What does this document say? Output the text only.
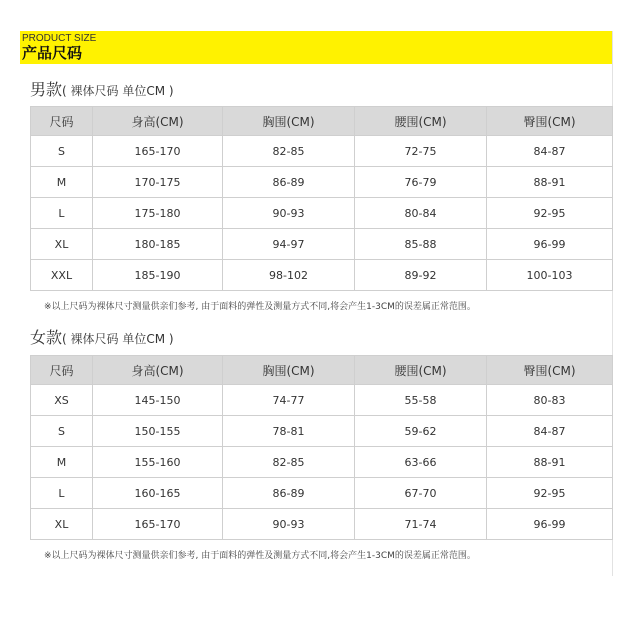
PRODUCT SIZE
产品尺码
男款( 裸体尺码 单位CM )
尺码	身高(CM)	胸围(CM)	腰围(CM)	臀围(CM)
S	165-170	82-85	72-75	84-87
M	170-175	86-89	76-79	88-91
L	175-180	90-93	80-84	92-95
XL	180-185	94-97	85-88	96-99
XXL	185-190	98-102	89-92	100-103
※以上尺码为裸体尺寸测量供亲们参考, 由于面料的弹性及测量方式不同,将会产生1-3CM的误差属正常范围。
女款( 裸体尺码 单位CM )
尺码	身高(CM)	胸围(CM)	腰围(CM)	臀围(CM)
XS	145-150	74-77	55-58	80-83
S	150-155	78-81	59-62	84-87
M	155-160	82-85	63-66	88-91
L	160-165	86-89	67-70	92-95
XL	165-170	90-93	71-74	96-99
※以上尺码为裸体尺寸测量供亲们参考, 由于面料的弹性及测量方式不同,将会产生1-3CM的误差属正常范围。
